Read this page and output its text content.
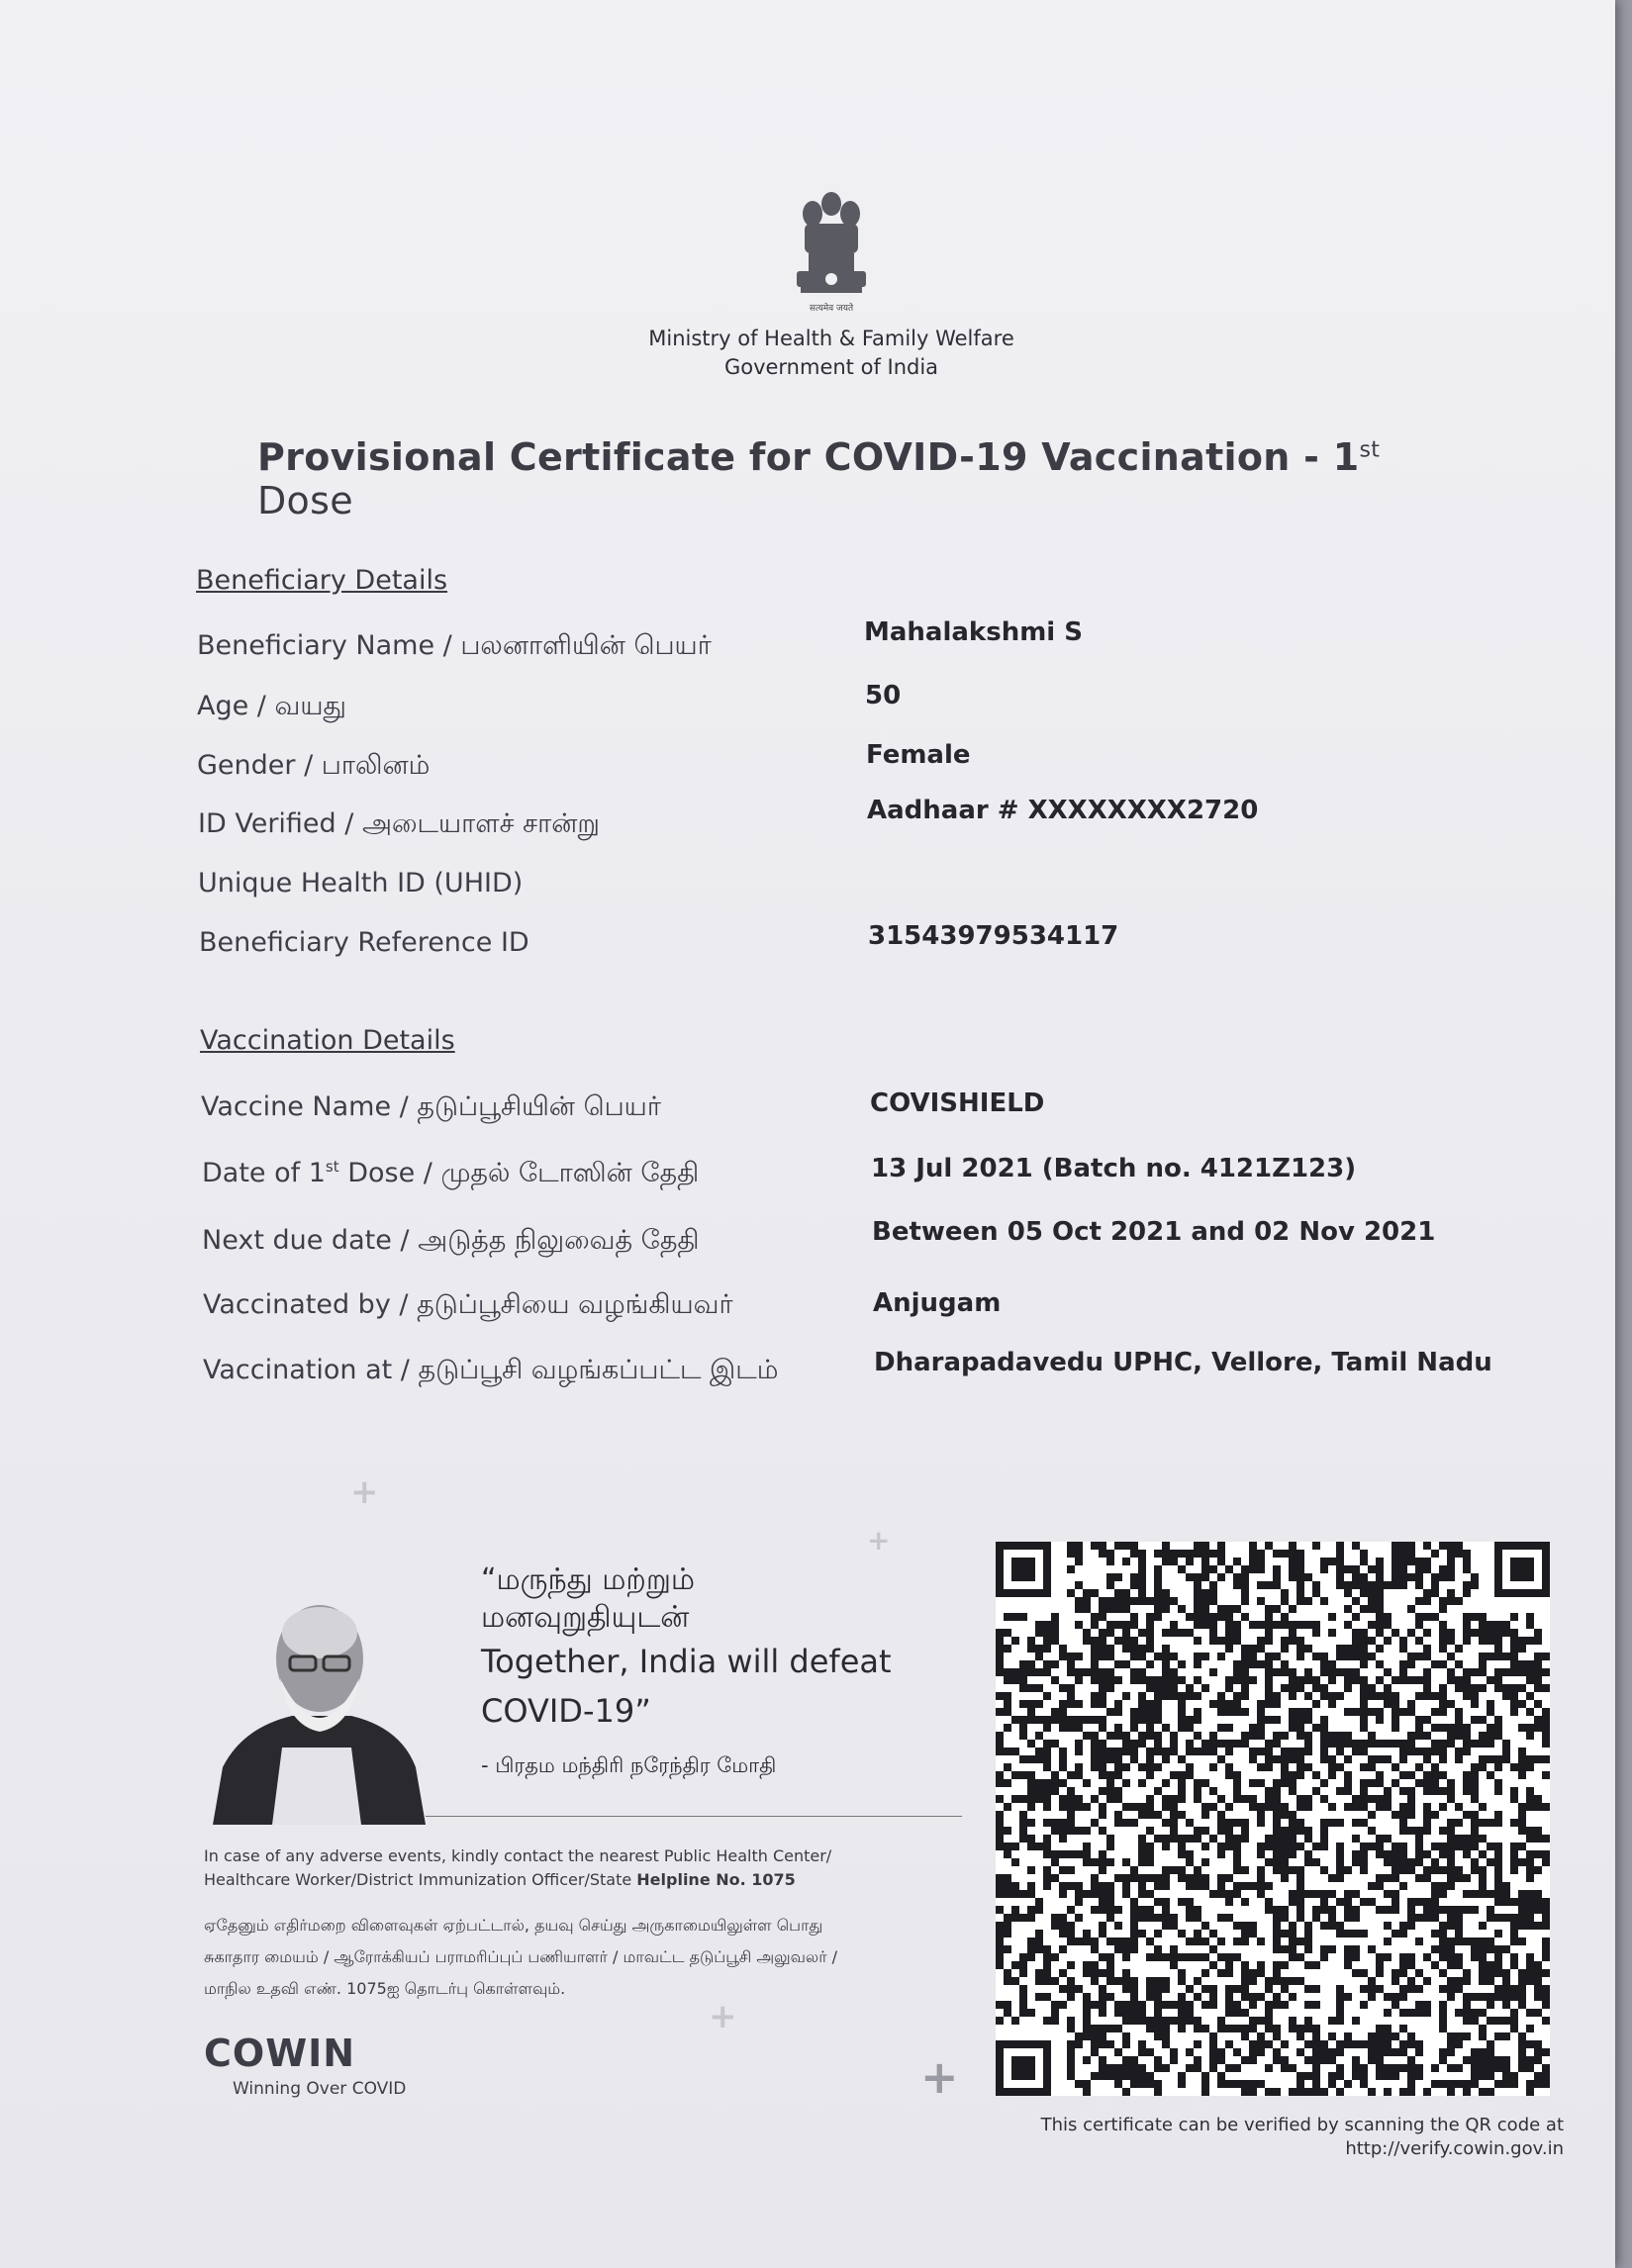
सत्यमेव जयते
Ministry of Health & Family Welfare
Government of India
Provisional Certificate for COVID-19 Vaccination - 1st Dose
Beneficiary Details
Beneficiary Name / பலனாளியின் பெயர்	Mahalakshmi S
Age / வயது	50
Gender / பாலினம்	Female
ID Verified / அடையாளச் சான்று	Aadhaar # XXXXXXXX2720
Unique Health ID (UHID)
Beneficiary Reference ID	31543979534117
Vaccination Details
Vaccine Name / தடுப்பூசியின் பெயர்	COVISHIELD
Date of 1st Dose / முதல் டோஸின் தேதி	13 Jul 2021 (Batch no. 4121Z123)
Next due date / அடுத்த நிலுவைத் தேதி	Between 05 Oct 2021 and 02 Nov 2021
Vaccinated by / தடுப்பூசியை வழங்கியவர்	Anjugam
Vaccination at / தடுப்பூசி வழங்கப்பட்ட இடம்	Dharapadavedu UPHC, Vellore, Tamil Nadu
+
+
+
+
“மருந்து மற்றும்
மனவுறுதியுடன்
Together, India will defeat
COVID-19”
- பிரதம மந்திரி நரேந்திர மோதி
In case of any adverse events, kindly contact the nearest Public Health Center/
Healthcare Worker/District Immunization Officer/State Helpline No. 1075
ஏதேனும் எதிர்மறை விளைவுகள் ஏற்பட்டால், தயவு செய்து அருகாமையிலுள்ள பொது
சுகாதார மையம் / ஆரோக்கியப் பராமரிப்புப் பணியாளர் / மாவட்ட தடுப்பூசி அலுவலர் /
மாநில உதவி எண். 1075ஐ தொடர்பு கொள்ளவும்.
COWIN
Winning Over COVID
This certificate can be verified by scanning the QR code at
http://verify.cowin.gov.in
